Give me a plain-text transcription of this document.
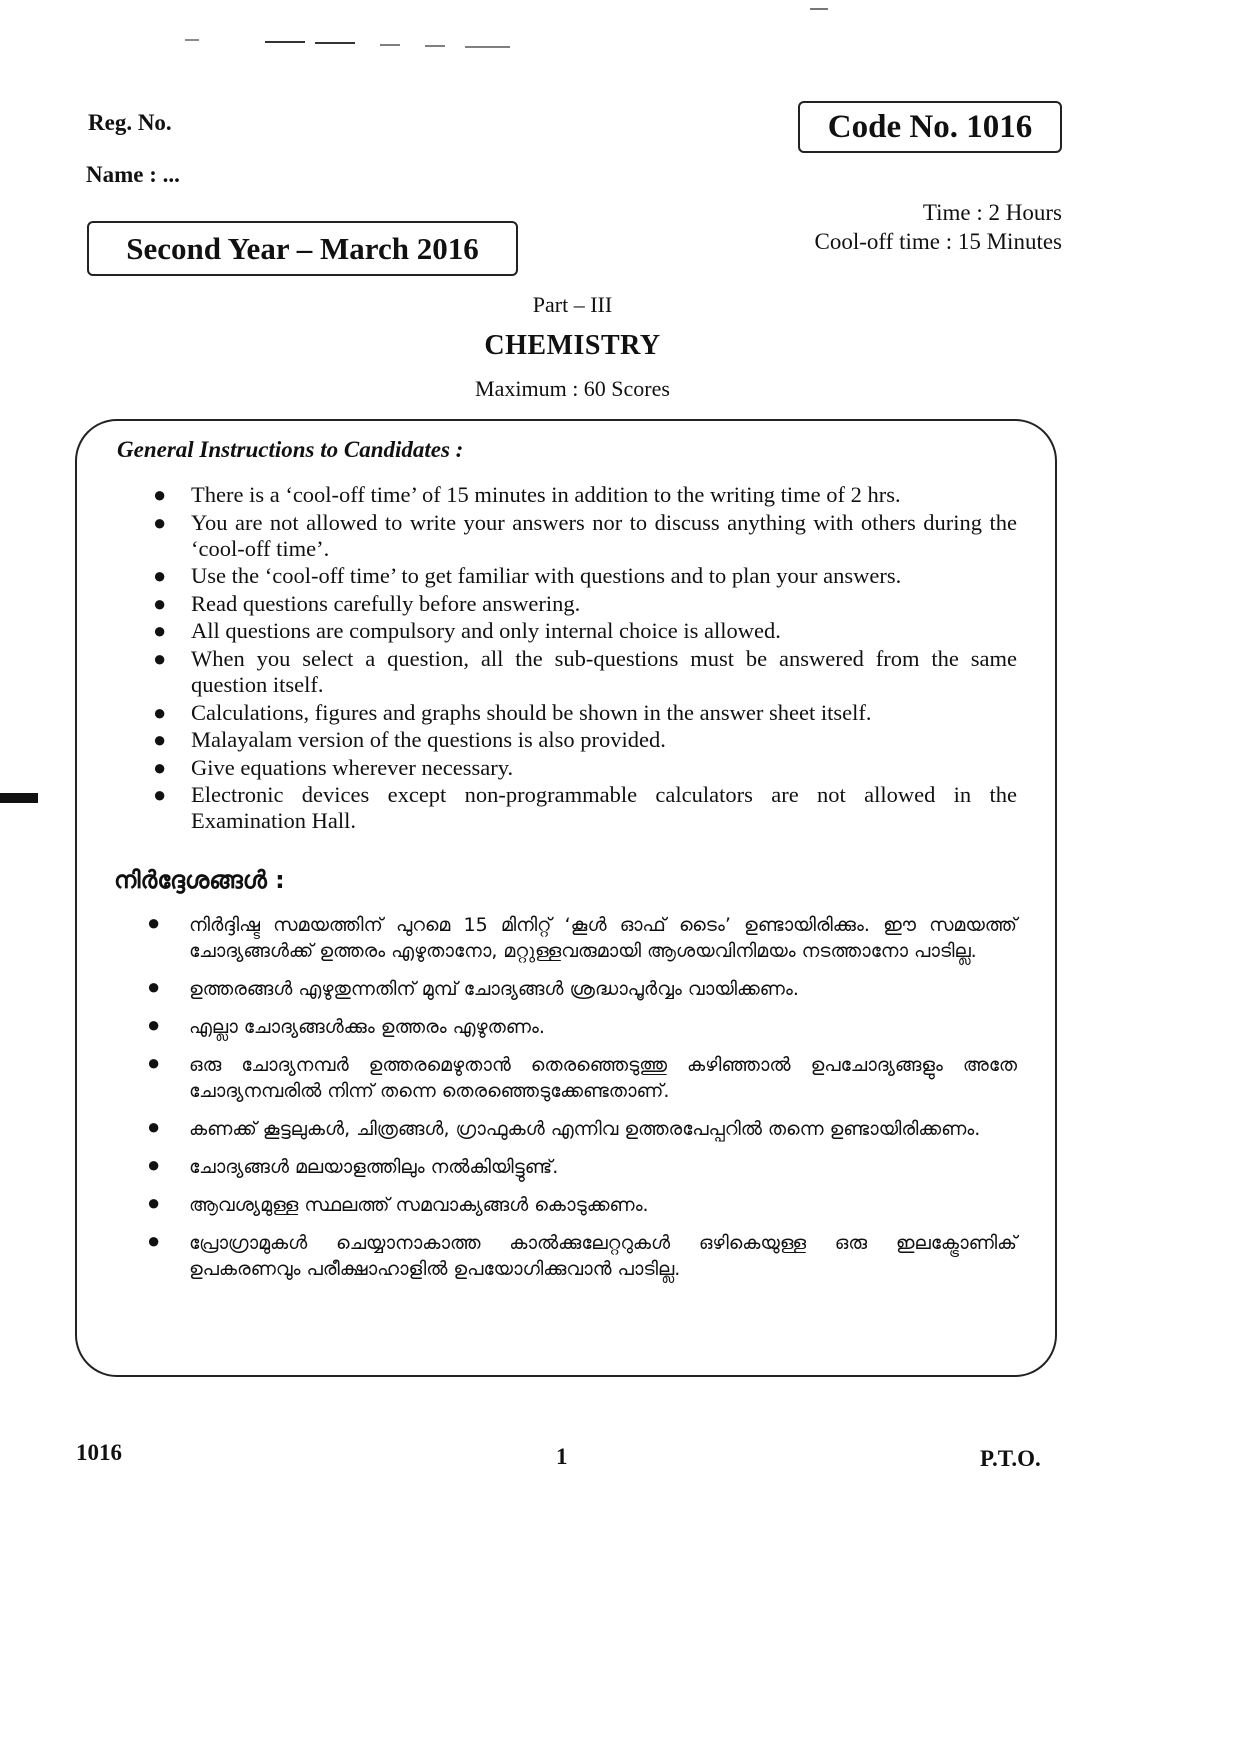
Reg. No.
Name : ...
Code No. 1016
Second Year – March 2016
Time : 2 Hours
Cool-off time : 15 Minutes
Part – III
CHEMISTRY
Maximum : 60 Scores
General Instructions to Candidates :
● There is a ‘cool-off time’ of 15 minutes in addition to the writing time of 2 hrs.
● You are not allowed to write your answers nor to discuss anything with others during the ‘cool-off time’.
● Use the ‘cool-off time’ to get familiar with questions and to plan your answers.
● Read questions carefully before answering.
● All questions are compulsory and only internal choice is allowed.
● When you select a question, all the sub-questions must be answered from the same question itself.
● Calculations, figures and graphs should be shown in the answer sheet itself.
● Malayalam version of the questions is also provided.
● Give equations wherever necessary.
● Electronic devices except non-programmable calculators are not allowed in the Examination Hall.
നിർദ്ദേശങ്ങൾ :
● നിർദ്ദിഷ്ട സമയത്തിന് പുറമെ 15 മിനിറ്റ് ‘കൂൾ ഓഫ് ടൈം’ ഉണ്ടായിരിക്കും. ഈ സമയത്ത് ചോദ്യങ്ങൾക്ക് ഉത്തരം എഴുതാനോ, മറ്റുള്ളവരുമായി ആശയവിനിമയം നടത്താനോ പാടില്ല.
● ഉത്തരങ്ങൾ എഴുതുന്നതിന് മുമ്പ് ചോദ്യങ്ങൾ ശ്രദ്ധാപൂർവ്വം വായിക്കണം.
● എല്ലാ ചോദ്യങ്ങൾക്കും ഉത്തരം എഴുതണം.
● ഒരു ചോദ്യനമ്പർ ഉത്തരമെഴുതാൻ തെരഞ്ഞെടുത്തു കഴിഞ്ഞാൽ ഉപചോദ്യങ്ങളും അതേ ചോദ്യനമ്പരിൽ നിന്ന് തന്നെ തെരഞ്ഞെടുക്കേണ്ടതാണ്.
● കണക്ക് കൂട്ടലുകൾ, ചിത്രങ്ങൾ, ഗ്രാഫുകൾ എന്നിവ ഉത്തരപേപ്പറിൽ തന്നെ ഉണ്ടായിരിക്കണം.
● ചോദ്യങ്ങൾ മലയാളത്തിലും നൽകിയിട്ടുണ്ട്.
● ആവശ്യമുള്ള സ്ഥലത്ത് സമവാക്യങ്ങൾ കൊടുക്കണം.
● പ്രോഗ്രാമുകൾ ചെയ്യാനാകാത്ത കാൽക്കുലേറ്ററുകൾ ഒഴികെയുള്ള ഒരു ഇലക്ട്രോണിക് ഉപകരണവും പരീക്ഷാഹാളിൽ ഉപയോഗിക്കുവാൻ പാടില്ല.
1016	1	P.T.O.
